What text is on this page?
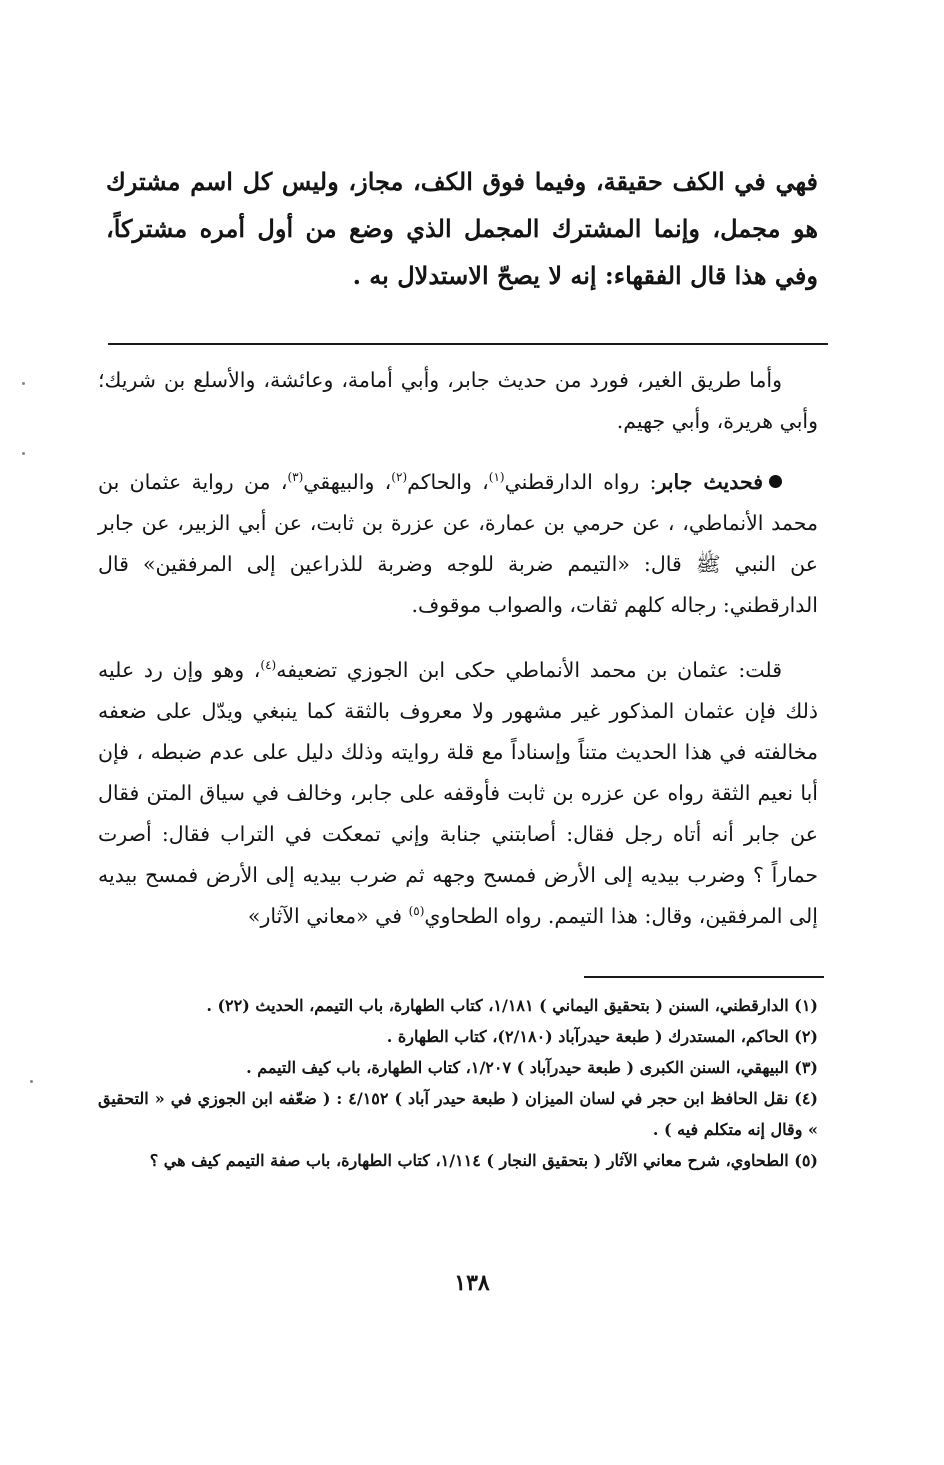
فهي في الكف حقيقة، وفيما فوق الكف، مجاز، وليس كل اسم مشترك هو مجمل، وإنما المشترك المجمل الذي وضع من أول أمره مشتركاً، وفي هذا قال الفقهاء: إنه لا يصحّ الاستدلال به .

وأما طريق الغير، فورد من حديث جابر، وأبي أمامة، وعائشة، والأسلع بن شريك؛ وأبي هريرة، وأبي جهيم.

فحديث جابر: رواه الدارقطني$^{(١)}$، والحاكم$^{(٢)}$، والبيهقي$^{(٣)}$، من رواية عثمان بن محمد الأنماطي، ، عن حرمي بن عمارة، عن عزرة بن ثابت، عن أبي الزبير، عن جابر عن النبي ﷺ قال: «التيمم ضربة للوجه وضربة للذراعين إلى المرفقين» قال الدارقطني: رجاله كلهم ثقات، والصواب موقوف.

قلت: عثمان بن محمد الأنماطي حكى ابن الجوزي تضعيفه$^{(٤)}$، وهو وإن رد عليه ذلك فإن عثمان المذكور غير مشهور ولا معروف بالثقة كما ينبغي ويدّل على ضعفه مخالفته في هذا الحديث متناً وإسناداً مع قلة روايته وذلك دليل على عدم ضبطه ، فإن أبا نعيم الثقة رواه عن عزره بن ثابت فأوقفه على جابر، وخالف في سياق المتن فقال عن جابر أنه أتاه رجل فقال: أصابتني جنابة وإني تمعكت في التراب فقال: أصرت حماراً ؟ وضرب بيديه إلى الأرض فمسح وجهه ثم ضرب بيديه إلى الأرض فمسح بيديه إلى المرفقين، وقال: هذا التيمم. رواه الطحاوي$^{(٥)}$ في «معاني الآثار»

(١) الدارقطني، السنن ( بتحقيق اليماني ) ١/١٨١، كتاب الطهارة، باب التيمم، الحديث (٢٢) .
(٢) الحاكم، المستدرك ( طبعة حيدرآباد (٢/١٨٠)، كتاب الطهارة .
(٣) البيهقي، السنن الكبرى ( طبعة حيدرآباد ) ١/٢٠٧، كتاب الطهارة، باب كيف التيمم .
(٤) نقل الحافظ ابن حجر في لسان الميزان ( طبعة حيدر آباد ) ٤/١٥٢ : ( ضعّفه ابن الجوزي في « التحقيق » وقال إنه متكلم فيه ) .
(٥) الطحاوي، شرح معاني الآثار ( بتحقيق النجار ) ١/١١٤، كتاب الطهارة، باب صفة التيمم كيف هي ؟
١٣٨
